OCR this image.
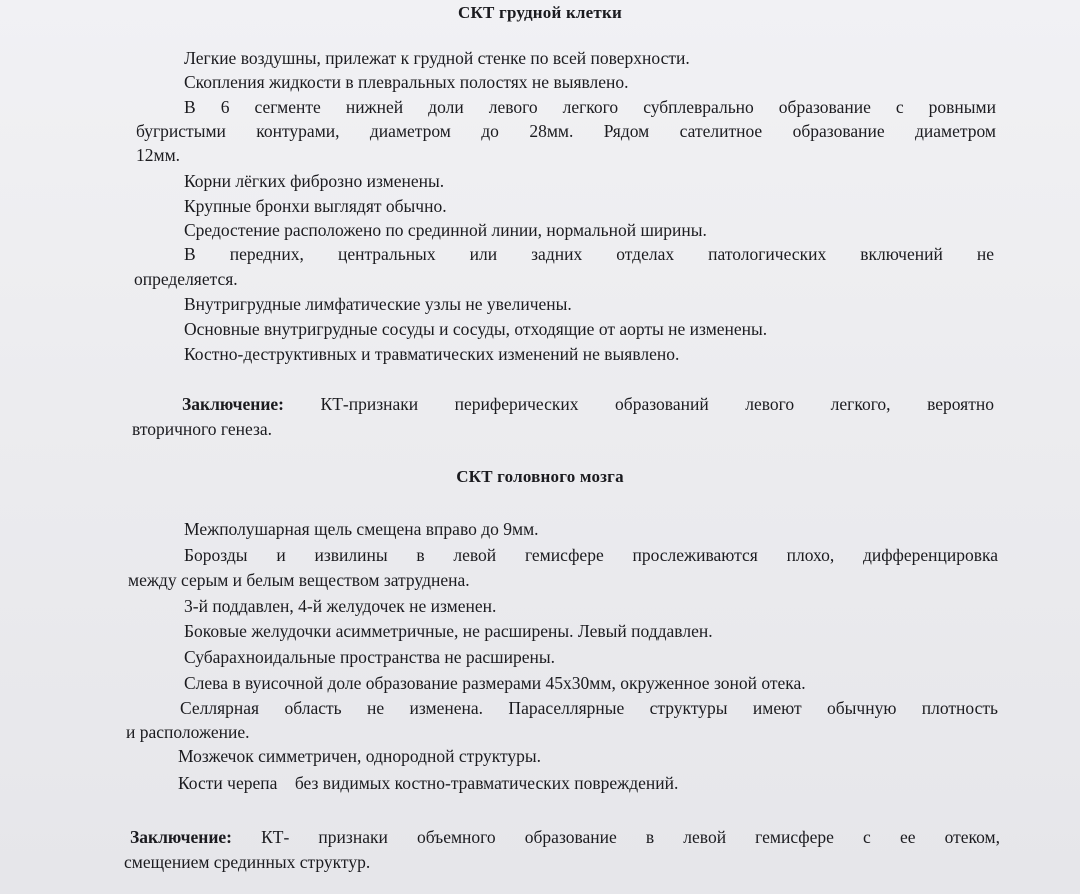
СКТ грудной клетки
Легкие воздушны, прилежат к грудной стенке по всей поверхности.
Скопления жидкости в плевральных полостях не выявлено.
В 6 сегменте нижней доли левого легкого субплеврально образование с ровными
бугристыми контурами, диаметром до 28мм. Рядом сателитное образование диаметром
12мм.
Корни лёгких фиброзно изменены.
Крупные бронхи выглядят обычно.
Средостение расположено по срединной линии, нормальной ширины.
В передних, центральных или задних отделах патологических включений не
определяется.
Внутригрудные лимфатические узлы не увеличены.
Основные внутригрудные сосуды и сосуды, отходящие от аорты не изменены.
Костно-деструктивных и травматических изменений не выявлено.
Заключение: КТ-признаки периферических образований левого легкого, вероятно
вторичного генеза.
СКТ головного мозга
Межполушарная щель смещена вправо до 9мм.
Борозды и извилины в левой гемисфере прослеживаются плохо, дифференцировка
между серым и белым веществом затруднена.
3-й поддавлен, 4-й желудочек не изменен.
Боковые желудочки асимметричные, не расширены. Левый поддавлен.
Субарахноидальные пространства не расширены.
Слева в вуисочной доле образование размерами 45x30мм, окруженное зоной отека.
Селлярная область не изменена. Параселлярные структуры имеют обычную плотность
и расположение.
Мозжечок симметричен, однородной структуры.
Кости черепа    без видимых костно-травматических повреждений.
Заключение: КТ- признаки объемного образование в левой гемисфере с ее отеком,
смещением срединных структур.
